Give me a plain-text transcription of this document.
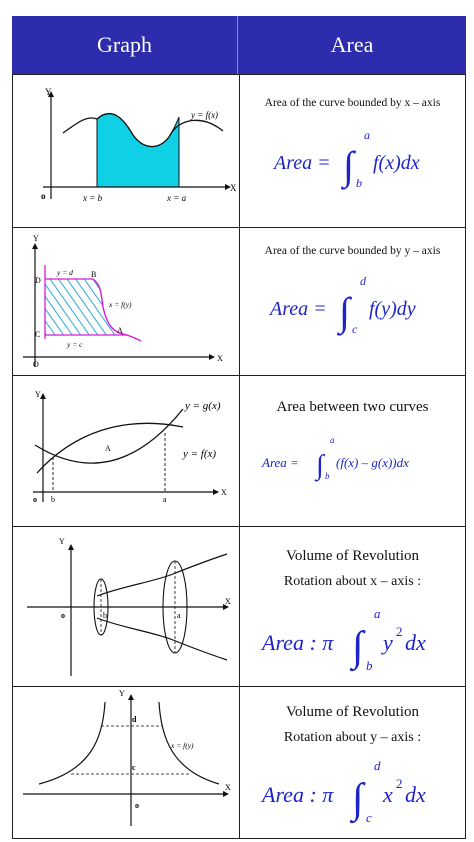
Graph	Area
Y
X
o
y = f(x)
x = b	x = a
Area of the curve bounded by x – axis
Area = ∫
a
b
f(x)dx
Y
X
O
D
B
C	A
y = d
y = c
x = f(y)
Area of the curve bounded by y – axis
Area = ∫
d
c
f(y)dy
Y
X
o b	a
A
y = g(x)
y = f(x)
Area between two curves
Area = ∫
a
b
(f(x) – g(x))dx
Y
X
o	b	a
Volume of Revolution
Rotation about x – axis :
Area : π ∫
a
b
y 2 dx
Y
X
o
d
c
x = f(y)
Volume of Revolution
Rotation about y – axis :
Area : π ∫
d
c
x 2 dx
